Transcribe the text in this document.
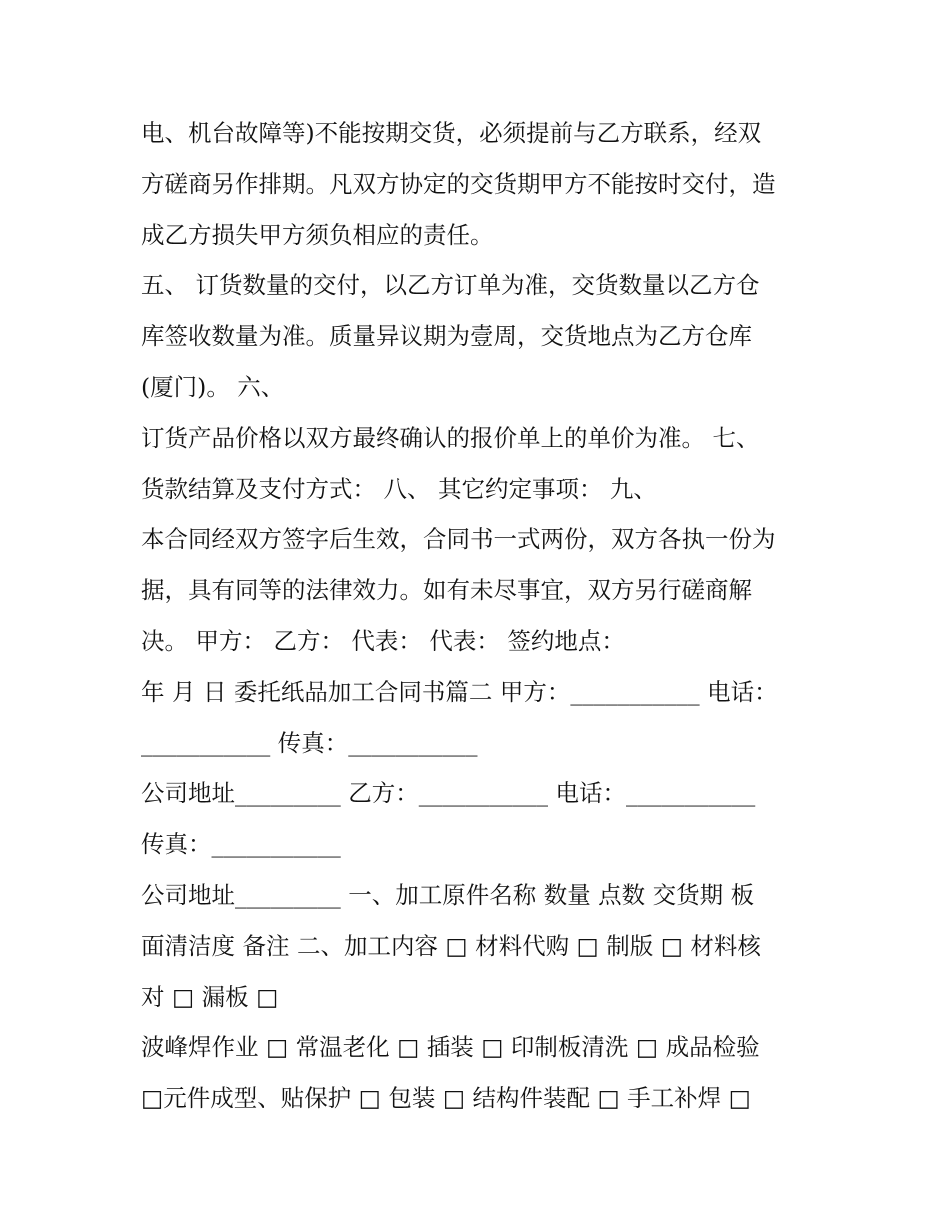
电、机台故障等)不能按期交货，必须提前与乙方联系，经双
方磋商另作排期。凡双方协定的交货期甲方不能按时交付，造
成乙方损失甲方须负相应的责任。
五、 订货数量的交付，以乙方订单为准，交货数量以乙方仓
库签收数量为准。质量异议期为壹周，交货地点为乙方仓库
(厦门)。 六、
订货产品价格以双方最终确认的报价单上的单价为准。 七、
货款结算及支付方式： 八、 其它约定事项： 九、
本合同经双方签字后生效，合同书一式两份，双方各执一份为
据，具有同等的法律效力。如有未尽事宜，双方另行磋商解
决。 甲方： 乙方： 代表： 代表： 签约地点：
年 月 日 委托纸品加工合同书篇二 甲方：___________ 电话：
___________ 传真：___________
公司地址_________ 乙方：___________ 电话：___________
传真：___________
公司地址_________ 一、加工原件名称 数量 点数 交货期 板
面清洁度 备注 二、加工内容 □ 材料代购 □ 制版 □ 材料核
对 □ 漏板 □
波峰焊作业 □ 常温老化 □ 插装 □ 印制板清洗 □ 成品检验
□元件成型、贴保护 □ 包装 □ 结构件装配 □ 手工补焊 □
